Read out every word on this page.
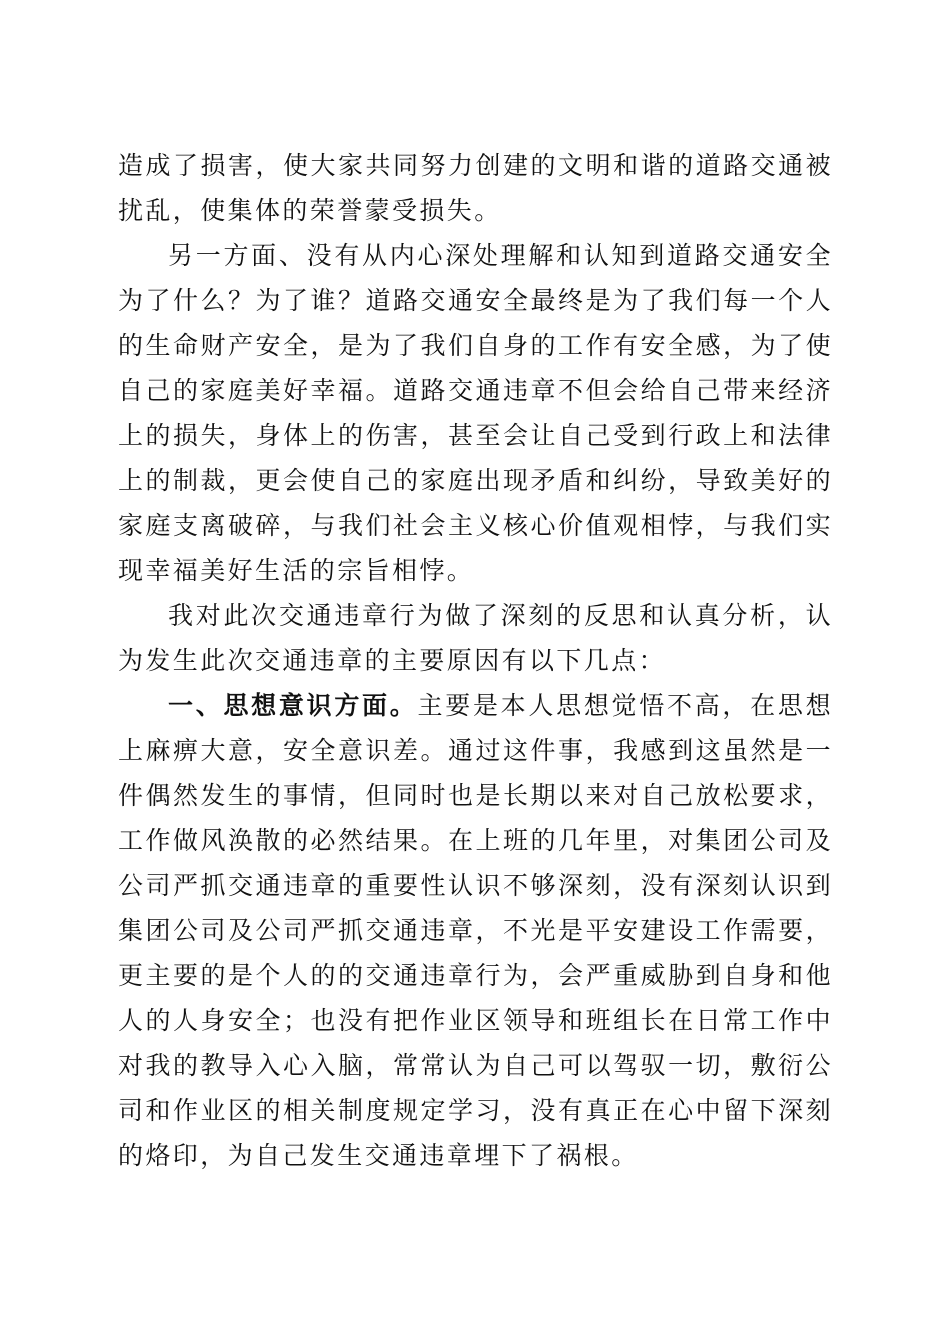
造成了损害，使大家共同努力创建的文明和谐的道路交通被扰乱，使集体的荣誉蒙受损失。

另一方面、没有从内心深处理解和认知到道路交通安全为了什么？为了谁？道路交通安全最终是为了我们每一个人的生命财产安全，是为了我们自身的工作有安全感，为了使自己的家庭美好幸福。道路交通违章不但会给自己带来经济上的损失，身体上的伤害，甚至会让自己受到行政上和法律上的制裁，更会使自己的家庭出现矛盾和纠纷，导致美好的家庭支离破碎，与我们社会主义核心价值观相悖，与我们实现幸福美好生活的宗旨相悖。

我对此次交通违章行为做了深刻的反思和认真分析，认为发生此次交通违章的主要原因有以下几点：

一、思想意识方面。主要是本人思想觉悟不高，在思想上麻痹大意，安全意识差。通过这件事，我感到这虽然是一件偶然发生的事情，但同时也是长期以来对自己放松要求，工作做风涣散的必然结果。在上班的几年里，对集团公司及公司严抓交通违章的重要性认识不够深刻，没有深刻认识到集团公司及公司严抓交通违章，不光是平安建设工作需要，更主要的是个人的的交通违章行为，会严重威胁到自身和他人的人身安全；也没有把作业区领导和班组长在日常工作中对我的教导入心入脑，常常认为自己可以驾驭一切，敷衍公司和作业区的相关制度规定学习，没有真正在心中留下深刻的烙印，为自己发生交通违章埋下了祸根。
